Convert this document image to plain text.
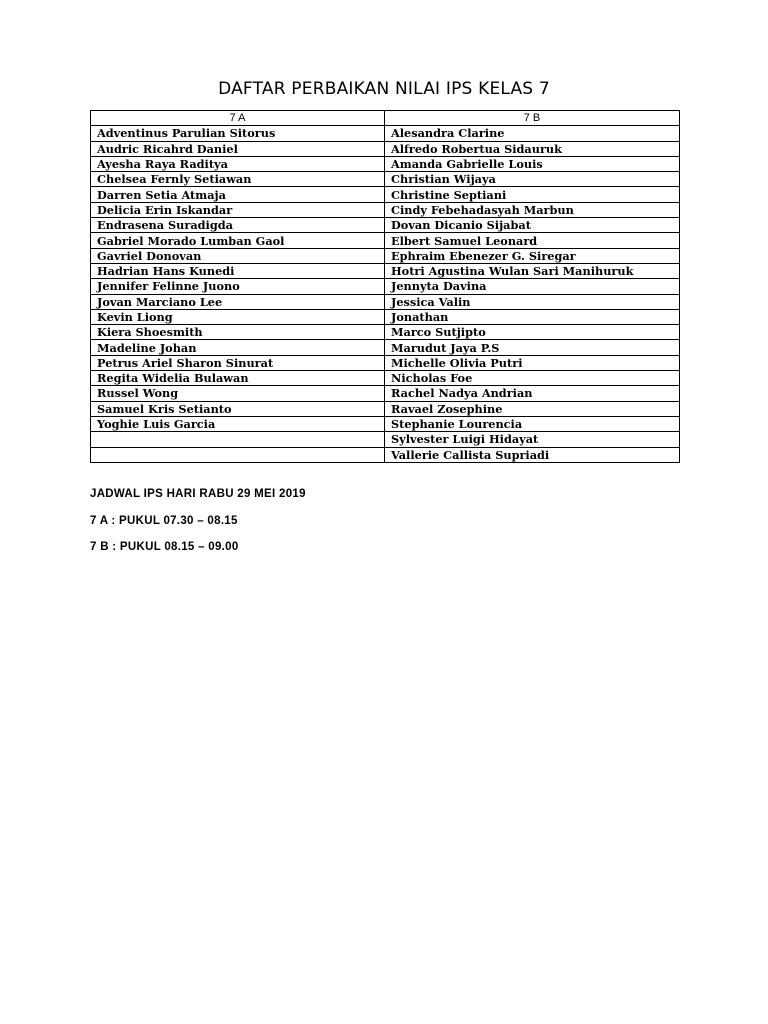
DAFTAR PERBAIKAN NILAI IPS KELAS 7
7 A	7 B
Adventinus Parulian Sitorus	Alesandra Clarine
Audric Ricahrd Daniel	Alfredo Robertua Sidauruk
Ayesha Raya Raditya	Amanda Gabrielle Louis
Chelsea Fernly Setiawan	Christian Wijaya
Darren Setia Atmaja	Christine Septiani
Delicia Erin Iskandar	Cindy Febehadasyah Marbun
Endrasena Suradigda	Dovan Dicanio Sijabat
Gabriel Morado Lumban Gaol	Elbert Samuel Leonard
Gavriel Donovan	Ephraim Ebenezer G. Siregar
Hadrian Hans Kunedi	Hotri Agustina Wulan Sari Manihuruk
Jennifer Felinne Juono	Jennyta Davina
Jovan Marciano Lee	Jessica Valin
Kevin Liong	Jonathan
Kiera Shoesmith	Marco Sutjipto
Madeline Johan	Marudut Jaya P.S
Petrus Ariel Sharon Sinurat	Michelle Olivia Putri
Regita Widelia Bulawan	Nicholas Foe
Russel Wong	Rachel Nadya Andrian
Samuel Kris Setianto	Ravael Zosephine
Yoghie Luis Garcia	Stephanie Lourencia
	Sylvester Luigi Hidayat
	Vallerie Callista Supriadi
JADWAL IPS HARI RABU 29 MEI 2019
7 A : PUKUL 07.30 – 08.15
7 B : PUKUL 08.15 – 09.00
